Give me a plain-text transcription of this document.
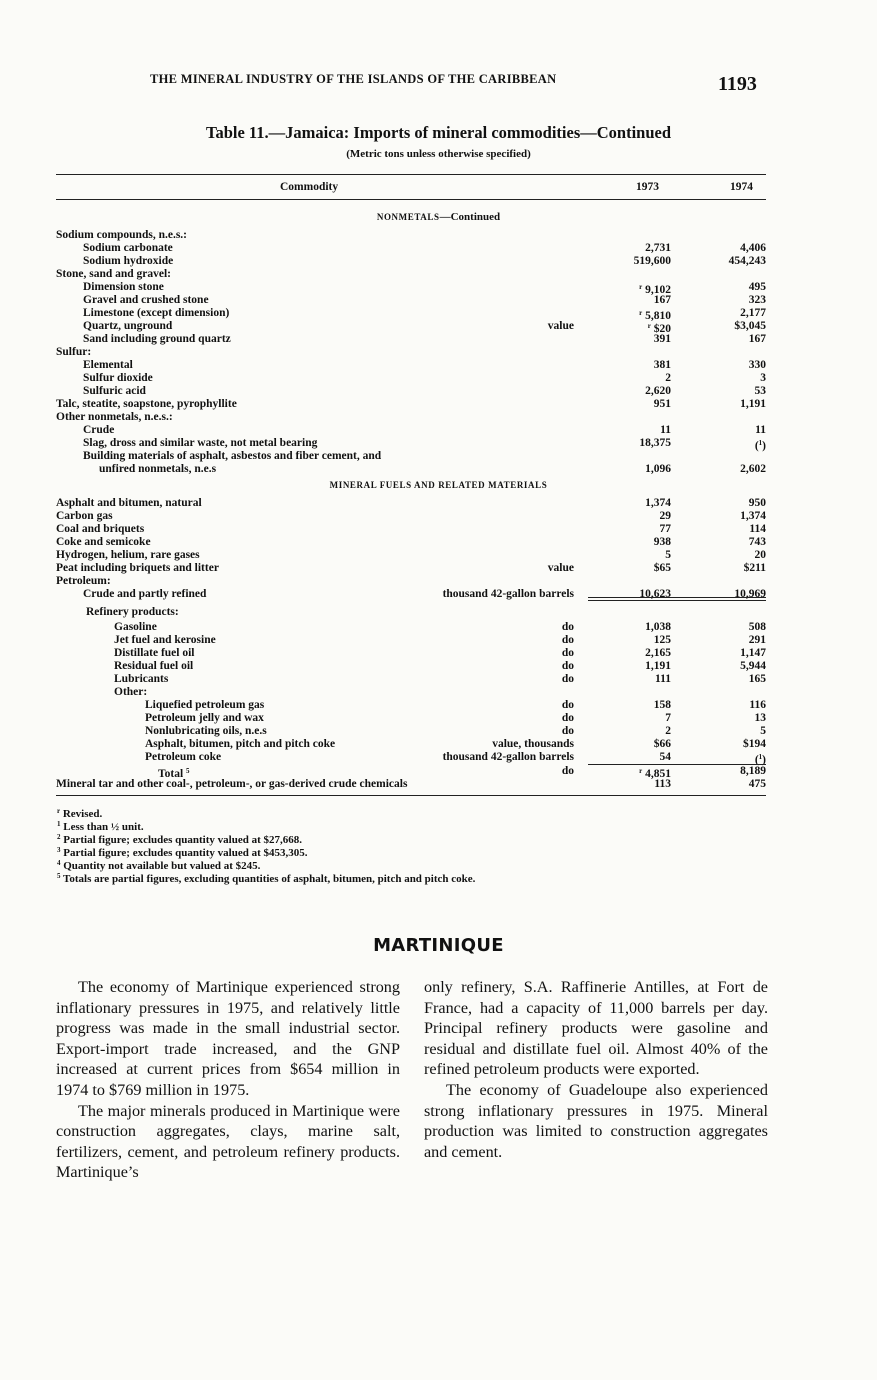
THE MINERAL INDUSTRY OF THE ISLANDS OF THE CARIBBEAN	1193
Table 11.—Jamaica: Imports of mineral commodities—Continued
(Metric tons unless otherwise specified)
Commodity	1973	1974
NONMETALS—Continued
MINERAL FUELS AND RELATED MATERIALS
Sodium compounds, n.e.s.:
Sodium carbonate	2,731	4,406
Sodium hydroxide	519,600	454,243
Stone, sand and gravel:
Dimension stone	$^r$ 9,102	495
Gravel and crushed stone	167	323
Limestone (except dimension)	$^r$ 5,810	2,177
Quartz, unground	value	$^r$ $20	$3,045
Sand including ground quartz	391	167
Sulfur:
Elemental	381	330
Sulfur dioxide	2	3
Sulfuric acid	2,620	53
Talc, steatite, soapstone, pyrophyllite	951	1,191
Other nonmetals, n.e.s.:
Crude	11	11
Slag, dross and similar waste, not metal bearing	18,375	($^1$)
Building materials of asphalt, asbestos and fiber cement, and
unfired nonmetals, n.e.s	1,096	2,602
Asphalt and bitumen, natural	1,374	950
Carbon gas	29	1,374
Coal and briquets	77	114
Coke and semicoke	938	743
Hydrogen, helium, rare gases	5	20
Peat including briquets and litter	value	$65	$211
Petroleum:
Crude and partly refined	thousand 42-gallon barrels	10,623	10,969
Refinery products:
Gasoline	do	1,038	508
Jet fuel and kerosine	do	125	291
Distillate fuel oil	do	2,165	1,147
Residual fuel oil	do	1,191	5,944
Lubricants	do	111	165
Other:
Liquefied petroleum gas	do	158	116
Petroleum jelly and wax	do	7	13
Nonlubricating oils, n.e.s	do	2	5
Asphalt, bitumen, pitch and pitch coke	value, thousands	$66	$194
Petroleum coke	thousand 42-gallon barrels	54	($^1$)
Total $^5$	do	$^r$ 4,851	8,189
Mineral tar and other coal-, petroleum-, or gas-derived crude chemicals	113	475
$^r$ Revised.
$^1$ Less than ½ unit.
$^2$ Partial figure; excludes quantity valued at $27,668.
$^3$ Partial figure; excludes quantity valued at $453,305.
$^4$ Quantity not available but valued at $245.
$^5$ Totals are partial figures, excluding quantities of asphalt, bitumen, pitch and pitch coke.
MARTINIQUE

The economy of Martinique experienced strong inflationary pressures in 1975, and relatively little progress was made in the small industrial sector. Export-import trade increased, and the GNP increased at current prices from $654 million in 1974 to $769 million in 1975.

The major minerals produced in Martinique were construction aggregates, clays, marine salt, fertilizers, cement, and petroleum refinery products. Martinique’s

only refinery, S.A. Raffinerie Antilles, at Fort de France, had a capacity of 11,000 barrels per day. Principal refinery products were gasoline and residual and distillate fuel oil. Almost 40% of the refined petroleum products were exported.

The economy of Guadeloupe also experienced strong inflationary pressures in 1975. Mineral production was limited to construction aggregates and cement.
